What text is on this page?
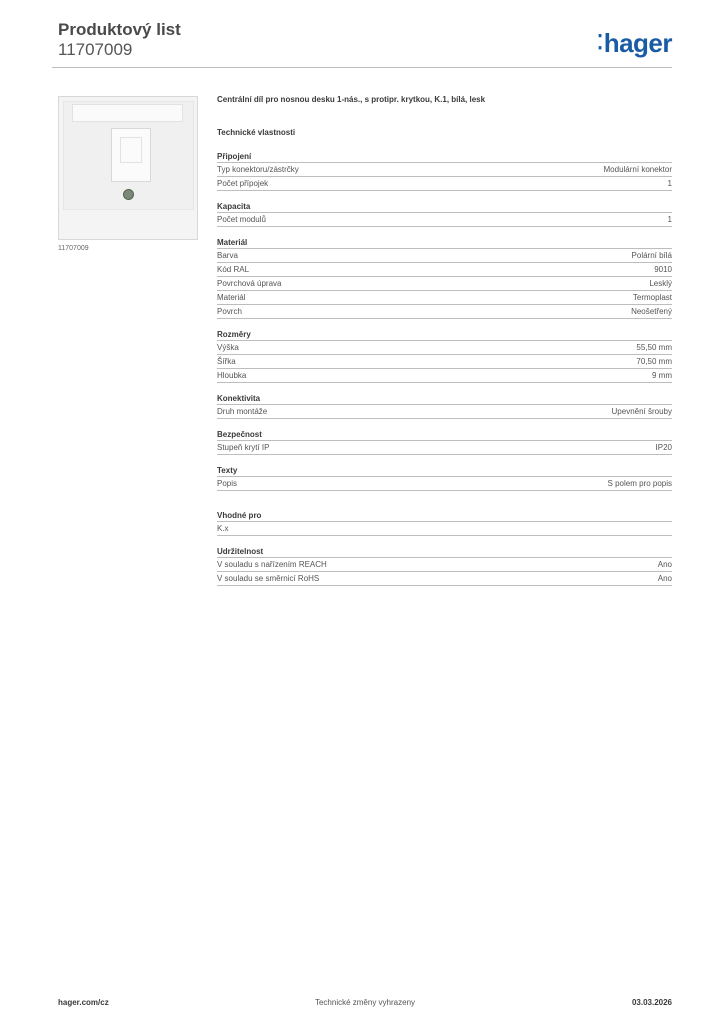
Produktový list
11707009	⁚hager
11707009
Centrální díl pro nosnou desku 1-nás., s protipr. krytkou, K.1, bílá, lesk
Technické vlastnosti
Připojení
Typ konektoru/zástrčky	Modulární konektor
Počet přípojek	1
Kapacita
Počet modulů	1
Materiál
Barva	Polární bílá
Kód RAL	9010
Povrchová úprava	Lesklý
Materiál	Termoplast
Povrch	Neošetřený
Rozměry
Výška	55,50 mm
Šířka	70,50 mm
Hloubka	9 mm
Konektivita
Druh montáže	Upevnění šrouby
Bezpečnost
Stupeň krytí IP	IP20
Texty
Popis	S polem pro popis
Vhodné pro
K.x
Udržitelnost
V souladu s nařízením REACH	Ano
V souladu se směrnicí RoHS	Ano
hager.com/cz	Technické změny vyhrazeny	03.03.2026
